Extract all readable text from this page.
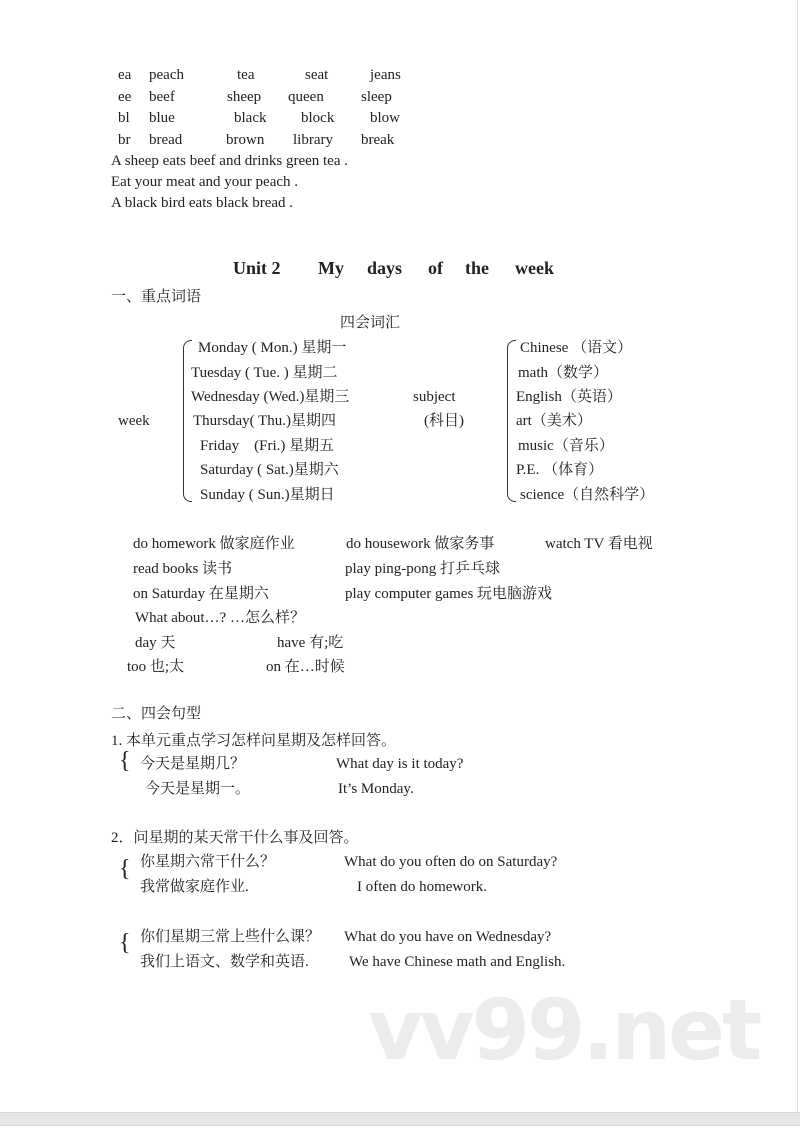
ea peach	tea	seat	jeans
ee beef	sheep queen sleep
bl blue	black block blow
br bread	brown library break
A sheep eats beef and drinks green tea .
Eat your meat and your peach .
A black bird eats black bread .
Unit 2 My days of the week
一、重点词语
四会词汇
week
Monday ( Mon.) 星期一
Tuesday ( Tue. ) 星期二
Wednesday (Wed.)星期三
Thursday( Thu.)星期四
Friday　(Fri.) 星期五
Saturday ( Sat.)星期六
Sunday ( Sun.)星期日
subject
(科目)
Chinese （语文）
math（数学）
English（英语）
art（美术）
music（音乐）
P.E. （体育）
science（自然科学）
do homework 做家庭作业	do housework 做家务事	watch TV 看电视
read books 读书	play ping-pong 打乒乓球
on Saturday 在星期六	play computer games 玩电脑游戏
What about…? …怎么样？
day 天	have 有;吃
too 也;太	on 在…时候
二、四会句型
1. 本单元重点学习怎样问星期及怎样回答。
{ 今天是星期几？	What day is it today?
今天是星期一。	It’s Monday.
2．问星期的某天常干什么事及回答。
{ 你星期六常干什么？	What do you often do on Saturday?
我常做家庭作业.	I often do homework.
{ 你们星期三常上些什么课？ What do you have on Wednesday?
我们上语文、数学和英语.	We have Chinese math and English.
vv99.net
